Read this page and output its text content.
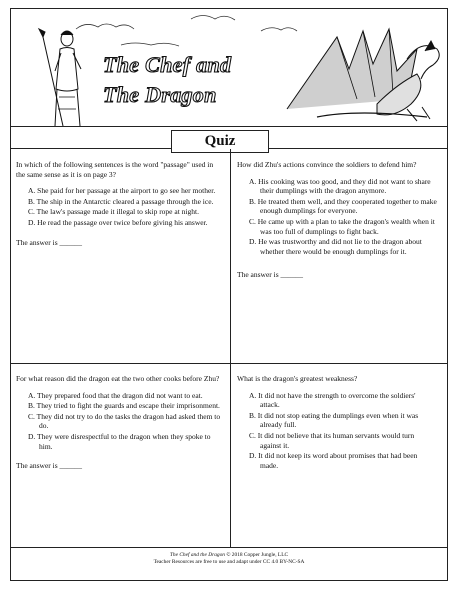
The Chef and
The Dragon
Quiz

In which of the following sentences is the word "passage" used in the same sense as it is on page 3?

A. She paid for her passage at the airport to go see her mother.
B. The ship in the Antarctic cleared a passage through the ice.
C. The law's passage made it illegal to skip rope at night.
D. He read the passage over twice before giving his answer.

The answer is ______

How did Zhu's actions convince the soldiers to defend him?

A. His cooking was too good, and they did not want to share their dumplings with the dragon anymore.
B. He treated them well, and they cooperated together to make enough dumplings for everyone.
C. He came up with a plan to take the dragon's wealth when it was too full of dumplings to fight back.
D. He was trustworthy and did not lie to the dragon about whether there would be enough dumplings for it.

The answer is ______

For what reason did the dragon eat the two other cooks before Zhu?

A. They prepared food that the dragon did not want to eat.
B. They tried to fight the guards and escape their imprisonment.
C. They did not try to do the tasks the dragon had asked them to do.
D. They were disrespectful to the dragon when they spoke to him.

The answer is ______

What is the dragon's greatest weakness?

A. It did not have the strength to overcome the soldiers' attack.
B. It did not stop eating the dumplings even when it was already full.
C. It did not believe that its human servants would turn against it.
D. It did not keep its word about promises that had been made.
The Chef and the Dragon © 2018 Copper Jungle, LLC
Teacher Resources are free to use and adapt under CC 4.0 BY-NC-SA
